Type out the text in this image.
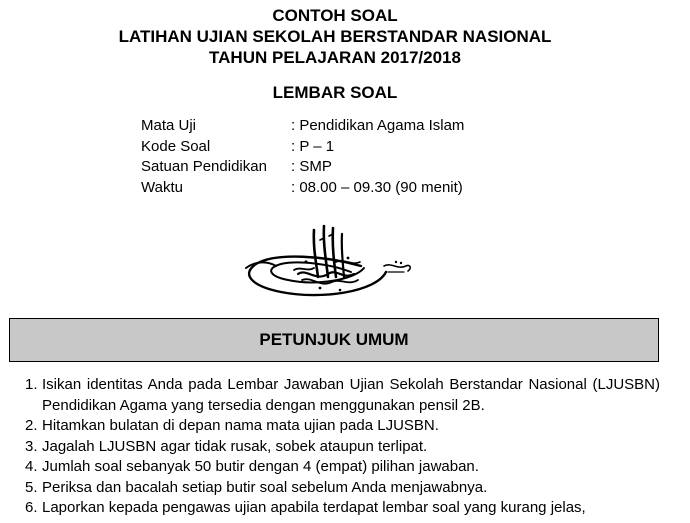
CONTOH SOAL
LATIHAN UJIAN SEKOLAH BERSTANDAR NASIONAL
TAHUN PELAJARAN 2017/2018
LEMBAR SOAL
Mata Uji	: Pendidikan Agama Islam
Kode Soal	: P – 1
Satuan Pendidikan	: SMP
Waktu	: 08.00 – 09.30 (90 menit)
PETUNJUK UMUM
1. Isikan identitas Anda pada Lembar Jawaban Ujian Sekolah Berstandar Nasional (LJUSBN) Pendidikan Agama yang tersedia dengan menggunakan pensil 2B.
2. Hitamkan bulatan di depan nama mata ujian pada LJUSBN.
3. Jagalah LJUSBN agar tidak rusak, sobek ataupun terlipat.
4. Jumlah soal sebanyak 50 butir dengan 4 (empat) pilihan jawaban.
5. Periksa dan bacalah setiap butir soal sebelum Anda menjawabnya.
6. Laporkan kepada pengawas ujian apabila terdapat lembar soal yang kurang jelas,
